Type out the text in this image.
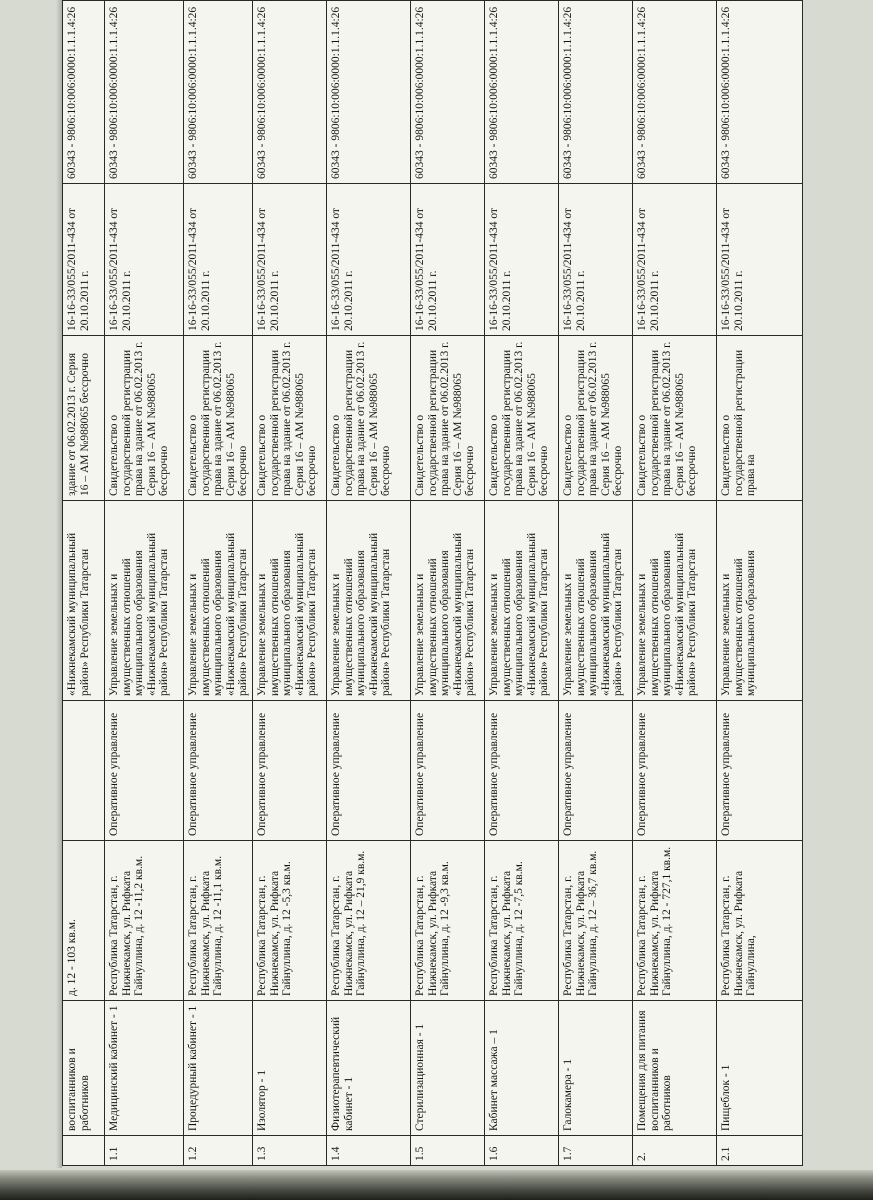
	воспитанников и работников	д. 12 - 103 кв.м.		«Нижнекамский муниципальный район» Республики Татарстан	здание от 06.02.2013 г. Серия 16 – АМ №988065 бессрочно	16-16-33/055/2011-434 от 20.10.2011 г.	60343 - 9806:10:006:0000:1.1.1.4:26

1.1	Медицинский кабинет - 1	Республика Татарстан, г. Нижнекамск, ул. Рифката Гайнуллина, д. 12 -11,2 кв.м.	Оперативное управление	Управление земельных и имущественных отношений муниципального образования «Нижнекамский муниципальный район» Республики Татарстан	Свидетельство о государственной регистрации права на здание от 06.02.2013 г. Серия 16 – АМ №988065 бессрочно	16-16-33/055/2011-434 от 20.10.2011 г.	60343 - 9806:10:006:0000:1.1.1.4:26

1.2	Процедурный кабинет - 1	Республика Татарстан, г. Нижнекамск, ул. Рифката Гайнуллина, д. 12 -11,1 кв.м.	Оперативное управление	Управление земельных и имущественных отношений муниципального образования «Нижнекамский муниципальный район» Республики Татарстан	Свидетельство о государственной регистрации права на здание от 06.02.2013 г. Серия 16 – АМ №988065 бессрочно	16-16-33/055/2011-434 от 20.10.2011 г.	60343 - 9806:10:006:0000:1.1.1.4:26

1.3	Изолятор - 1	Республика Татарстан, г. Нижнекамск, ул. Рифката Гайнуллина, д. 12 -5,3 кв.м.	Оперативное управление	Управление земельных и имущественных отношений муниципального образования «Нижнекамский муниципальный район» Республики Татарстан	Свидетельство о государственной регистрации права на здание от 06.02.2013 г. Серия 16 – АМ №988065 бессрочно	16-16-33/055/2011-434 от 20.10.2011 г.	60343 - 9806:10:006:0000:1.1.1.4:26

1.4	Физиотерапевтический кабинет - 1	Республика Татарстан, г. Нижнекамск, ул. Рифката Гайнуллина, д. 12 – 21,9 кв.м.	Оперативное управление	Управление земельных и имущественных отношений муниципального образования «Нижнекамский муниципальный район» Республики Татарстан	Свидетельство о государственной регистрации права на здание от 06.02.2013 г. Серия 16 – АМ №988065 бессрочно	16-16-33/055/2011-434 от 20.10.2011 г.	60343 - 9806:10:006:0000:1.1.1.4:26

1.5	Стерилизационная - 1	Республика Татарстан, г. Нижнекамск, ул. Рифката Гайнуллина, д. 12 -9,3 кв.м.	Оперативное управление	Управление земельных и имущественных отношений муниципального образования «Нижнекамский муниципальный район» Республики Татарстан	Свидетельство о государственной регистрации права на здание от 06.02.2013 г. Серия 16 – АМ №988065 бессрочно	16-16-33/055/2011-434 от 20.10.2011 г.	60343 - 9806:10:006:0000:1.1.1.4:26

1.6	Кабинет массажа – 1	Республика Татарстан, г. Нижнекамск, ул. Рифката Гайнуллина, д. 12 -7,5 кв.м.	Оперативное управление	Управление земельных и имущественных отношений муниципального образования «Нижнекамский муниципальный район» Республики Татарстан	Свидетельство о государственной регистрации права на здание от 06.02.2013 г. Серия 16 – АМ №988065 бессрочно	16-16-33/055/2011-434 от 20.10.2011 г.	60343 - 9806:10:006:0000:1.1.1.4:26

1.7	Галокамера - 1	Республика Татарстан, г. Нижнекамск, ул. Рифката Гайнуллина, д. 12 – 36,7 кв.м.	Оперативное управление	Управление земельных и имущественных отношений муниципального образования «Нижнекамский муниципальный район» Республики Татарстан	Свидетельство о государственной регистрации права на здание от 06.02.2013 г. Серия 16 – АМ №988065 бессрочно	16-16-33/055/2011-434 от 20.10.2011 г.	60343 - 9806:10:006:0000:1.1.1.4:26

2.	Помещения для питания воспитанников и работников	Республика Татарстан, г. Нижнекамск, ул. Рифката Гайнуллина, д. 12 - 727,1 кв.м.	Оперативное управление	Управление земельных и имущественных отношений муниципального образования «Нижнекамский муниципальный район» Республики Татарстан	Свидетельство о государственной регистрации права на здание от 06.02.2013 г. Серия 16 – АМ №988065 бессрочно	16-16-33/055/2011-434 от 20.10.2011 г.	60343 - 9806:10:006:0000:1.1.1.4:26

2.1	Пищеблок - 1	Республика Татарстан, г. Нижнекамск, ул. Рифката Гайнуллина,	Оперативное управление	Управление земельных и имущественных отношений муниципального образования	Свидетельство о государственной регистрации права на	16-16-33/055/2011-434 от 20.10.2011 г.	60343 - 9806:10:006:0000:1.1.1.4:26
